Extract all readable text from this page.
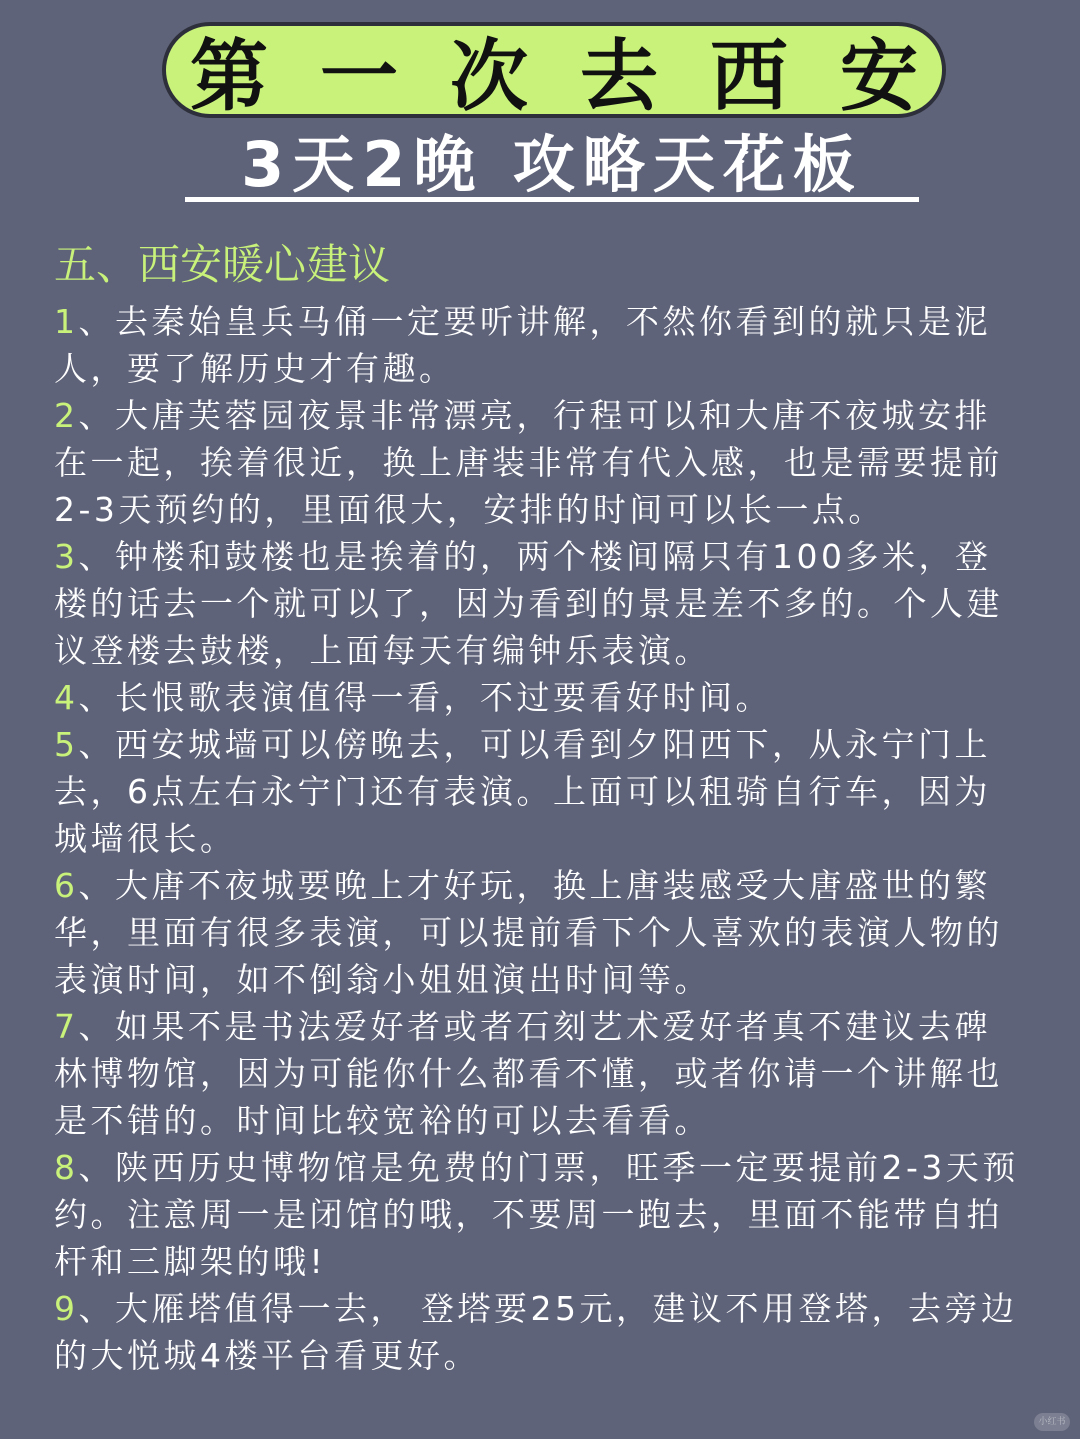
第一次去西安
3天2晚 攻略天花板
五、西安暖心建议

1、去秦始皇兵马俑一定要听讲解，不然你看到的就只是泥人，要了解历史才有趣。

2、大唐芙蓉园夜景非常漂亮，行程可以和大唐不夜城安排在一起，挨着很近，换上唐装非常有代入感，也是需要提前2-3天预约的，里面很大，安排的时间可以长一点。

3、钟楼和鼓楼也是挨着的，两个楼间隔只有100多米，登楼的话去一个就可以了，因为看到的景是差不多的。个人建议登楼去鼓楼，上面每天有编钟乐表演。

4、长恨歌表演值得一看，不过要看好时间。

5、西安城墙可以傍晚去，可以看到夕阳西下，从永宁门上去，6点左右永宁门还有表演。上面可以租骑自行车，因为城墙很长。

6、大唐不夜城要晚上才好玩，换上唐装感受大唐盛世的繁华，里面有很多表演，可以提前看下个人喜欢的表演人物的表演时间，如不倒翁小姐姐演出时间等。

7、如果不是书法爱好者或者石刻艺术爱好者真不建议去碑林博物馆，因为可能你什么都看不懂，或者你请一个讲解也是不错的。时间比较宽裕的可以去看看。

8、陕西历史博物馆是免费的门票，旺季一定要提前2-3天预约。注意周一是闭馆的哦，不要周一跑去，里面不能带自拍杆和三脚架的哦!

9、大雁塔值得一去， 登塔要25元，建议不用登塔，去旁边的大悦城4楼平台看更好。

小红书
